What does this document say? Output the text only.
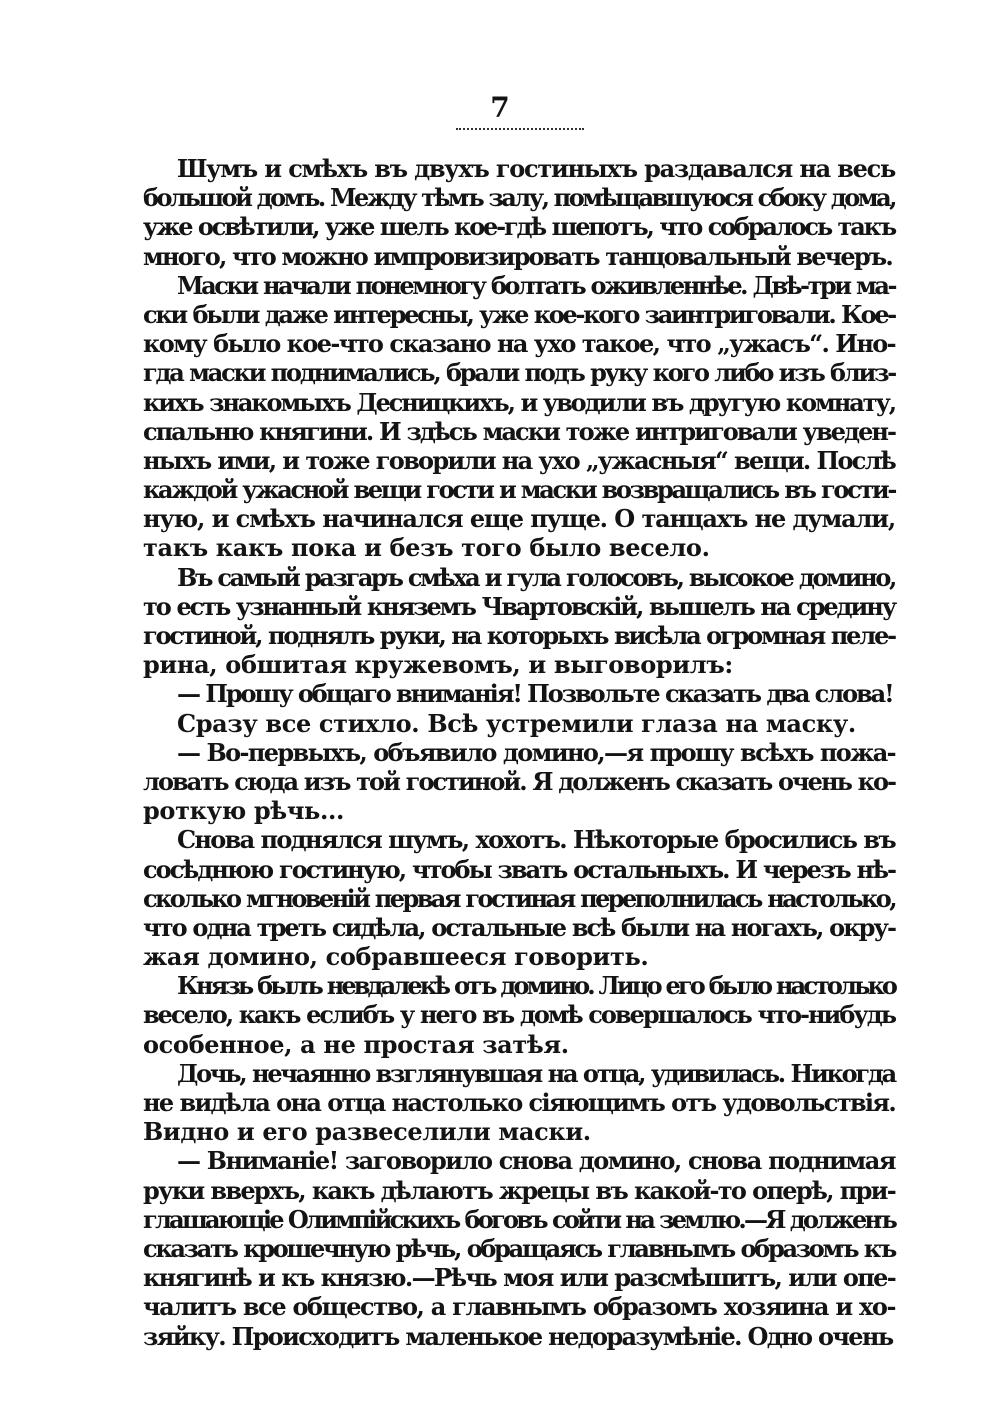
7
Шумъ и смѣхъ въ двухъ гостиныхъ раздавался на весь
большой домъ. Между тѣмъ залу, помѣщавшуюся сбоку дома,
уже освѣтили, уже шелъ кое-гдѣ шепотъ, что собралось такъ
много, что можно импровизировать танцовальный вечеръ.
Маски начали понемногу болтать оживленнѣе. Двѣ-три ма-
ски были даже интересны, уже кое-кого заинтриговали. Кое-
кому было кое-что сказано на ухо такое, что „ужасъ“. Ино-
гда маски поднимались, брали подъ руку кого либо изъ близ-
кихъ знакомыхъ Десницкихъ, и уводили въ другую комнату,
спальню княгини. И здѣсь маски тоже интриговали уведен-
ныхъ ими, и тоже говорили на ухо „ужасныя“ вещи. Послѣ
каждой ужасной вещи гости и маски возвращались въ гости-
ную, и смѣхъ начинался еще пуще. О танцахъ не думали,
такъ какъ пока и безъ того было весело.
Въ самый разгаръ смѣха и гула голосовъ, высокое домино,
то есть узнанный княземъ Чвартовскій, вышелъ на средину
гостиной, поднялъ руки, на которыхъ висѣла огромная пеле-
рина, обшитая кружевомъ, и выговорилъ:
— Прошу общаго вниманія! Позвольте сказать два слова!
Сразу все стихло. Всѣ устремили глаза на маску.
— Во-первыхъ, объявило домино,—я прошу всѣхъ пожа-
ловать сюда изъ той гостиной. Я долженъ сказать очень ко-
роткую рѣчь...
Снова поднялся шумъ, хохотъ. Нѣкоторые бросились въ
сосѣднюю гостиную, чтобы звать остальныхъ. И черезъ нѣ-
сколько мгновеній первая гостиная переполнилась настолько,
что одна треть сидѣла, остальные всѣ были на ногахъ, окру-
жая домино, собравшееся говорить.
Князь былъ невдалекѣ отъ домино. Лицо его было настолько
весело, какъ еслибъ у него въ домѣ совершалось что-нибудь
особенное, а не простая затѣя.
Дочь, нечаянно взглянувшая на отца, удивилась. Никогда
не видѣла она отца настолько сіяющимъ отъ удовольствія.
Видно и его развеселили маски.
— Вниманіе! заговорило снова домино, снова поднимая
руки вверхъ, какъ дѣлаютъ жрецы въ какой-то оперѣ, при-
глашающіе Олимпійскихъ боговъ сойти на землю.—Я долженъ
сказать крошечную рѣчь, обращаясь главнымъ образомъ къ
княгинѣ и къ князю.—Рѣчь моя или разсмѣшитъ, или опе-
чалитъ все общество, а главнымъ образомъ хозяина и хо-
зяйку. Происходитъ маленькое недоразумѣніе. Одно очень
